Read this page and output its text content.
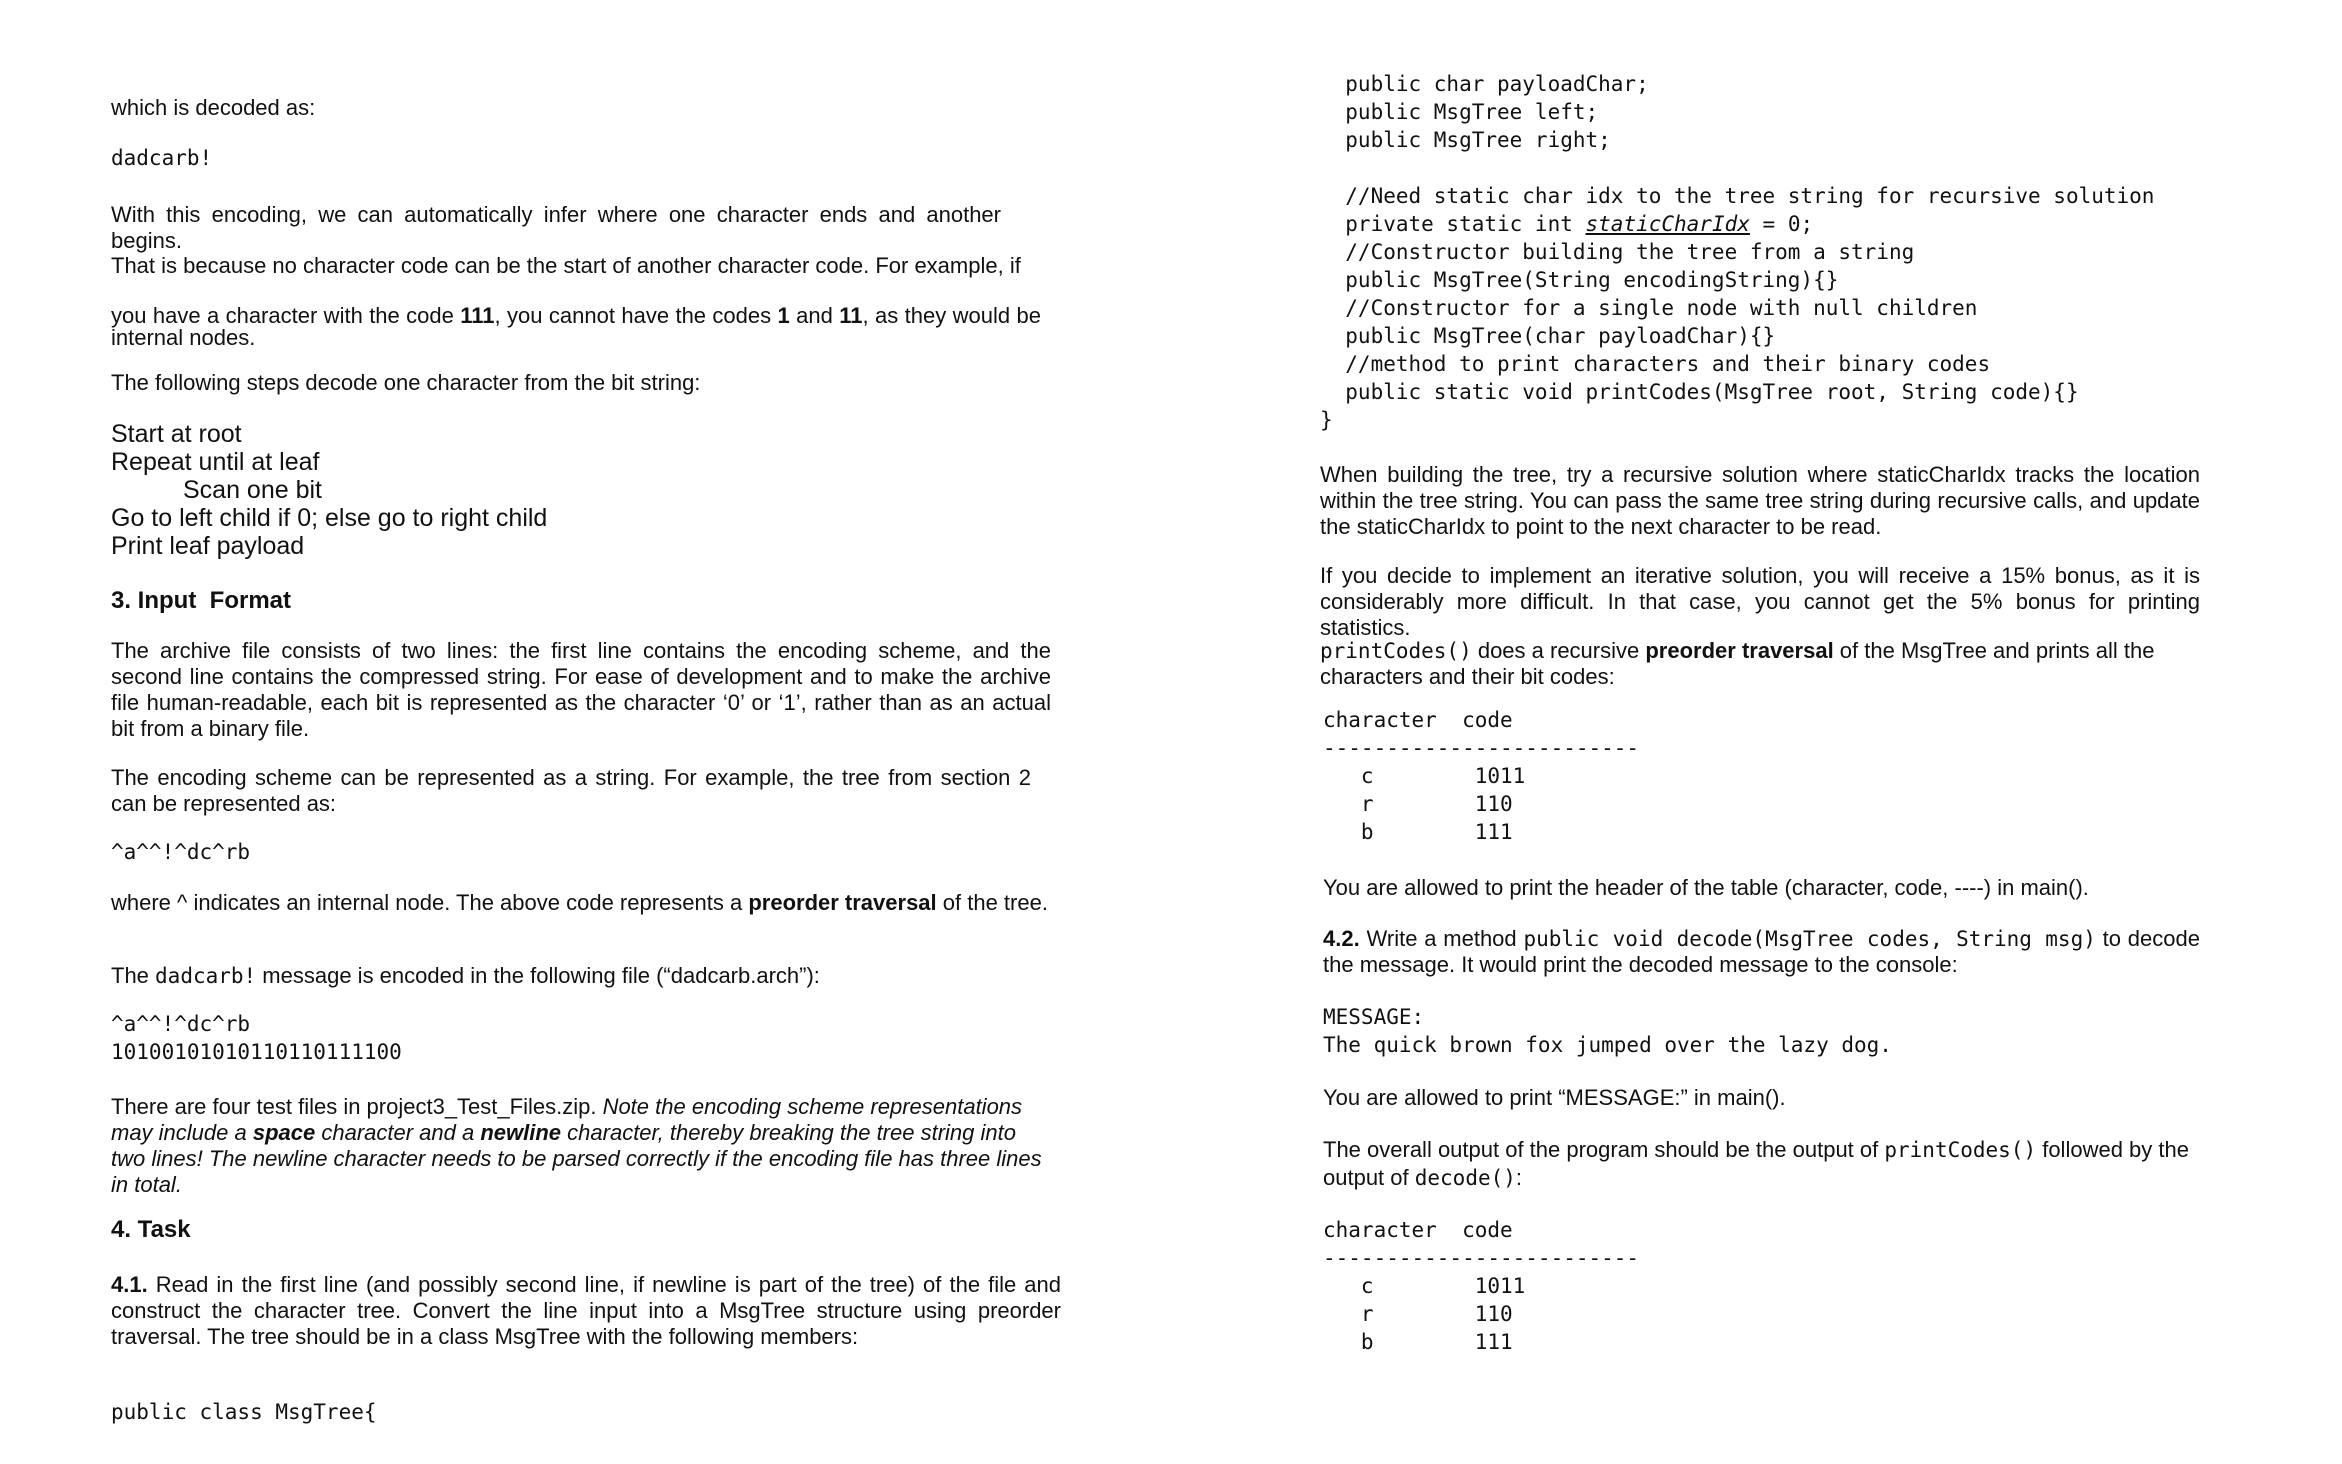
which is decoded as:

dadcarb!

With this encoding, we can automatically infer where one character ends and another begins.

That is because no character code can be the start of another character code. For example, if

you have a character with the code 111, you cannot have the codes 1 and 11, as they would be internal nodes.

The following steps decode one character from the bit string:

Start at root
Repeat until at leaf
Scan one bit
Go to left child if 0; else go to right child
Print leaf payload
3. Input  Format

The archive file consists of two lines: the first line contains the encoding scheme, and the second line contains the compressed string. For ease of development and to make the archive file human-readable, each bit is represented as the character ‘0’ or ‘1’, rather than as an actual bit from a binary file.

The encoding scheme can be represented as a string. For example, the tree from section 2 can be represented as:

^a^^!^dc^rb

where ^ indicates an internal node. The above code represents a preorder traversal of the tree.

The dadcarb! message is encoded in the following file (“dadcarb.arch”):

^a^^!^dc^rb
10100101010110110111100

There are four test files in project3_Test_Files.zip. Note the encoding scheme representations may include a space character and a newline character, thereby breaking the tree string into two lines! The newline character needs to be parsed correctly if the encoding file has three lines in total.

4. Task

4.1. Read in the first line (and possibly second line, if newline is part of the tree) of the file and construct the character tree. Convert the line input into a MsgTree structure using preorder traversal. The tree should be in a class MsgTree with the following members:

public class MsgTree{
public char payloadChar;
public MsgTree left;
public MsgTree right;
//Need static char idx to the tree string for recursive solution
private static int staticCharIdx = 0;
//Constructor building the tree from a string
public MsgTree(String encodingString){}
//Constructor for a single node with null children
public MsgTree(char payloadChar){}
//method to print characters and their binary codes
public static void printCodes(MsgTree root, String code){}
}

When building the tree, try a recursive solution where staticCharIdx tracks the location within the tree string. You can pass the same tree string during recursive calls, and update the staticCharIdx to point to the next character to be read.

If you decide to implement an iterative solution, you will receive a 15% bonus, as it is considerably more difficult. In that case, you cannot get the 5% bonus for printing statistics.

printCodes() does a recursive preorder traversal of the MsgTree and prints all the characters and their bit codes:

character  code
-------------------------
c        1011
r        110
b        111

You are allowed to print the header of the table (character, code, ----) in main().

4.2. Write a method public void decode(MsgTree codes, String msg) to decode the message. It would print the decoded message to the console:

MESSAGE:
The quick brown fox jumped over the lazy dog.

You are allowed to print “MESSAGE:” in main().

The overall output of the program should be the output of printCodes() followed by the output of decode():

character  code
-------------------------
c        1011
r        110
b        111
